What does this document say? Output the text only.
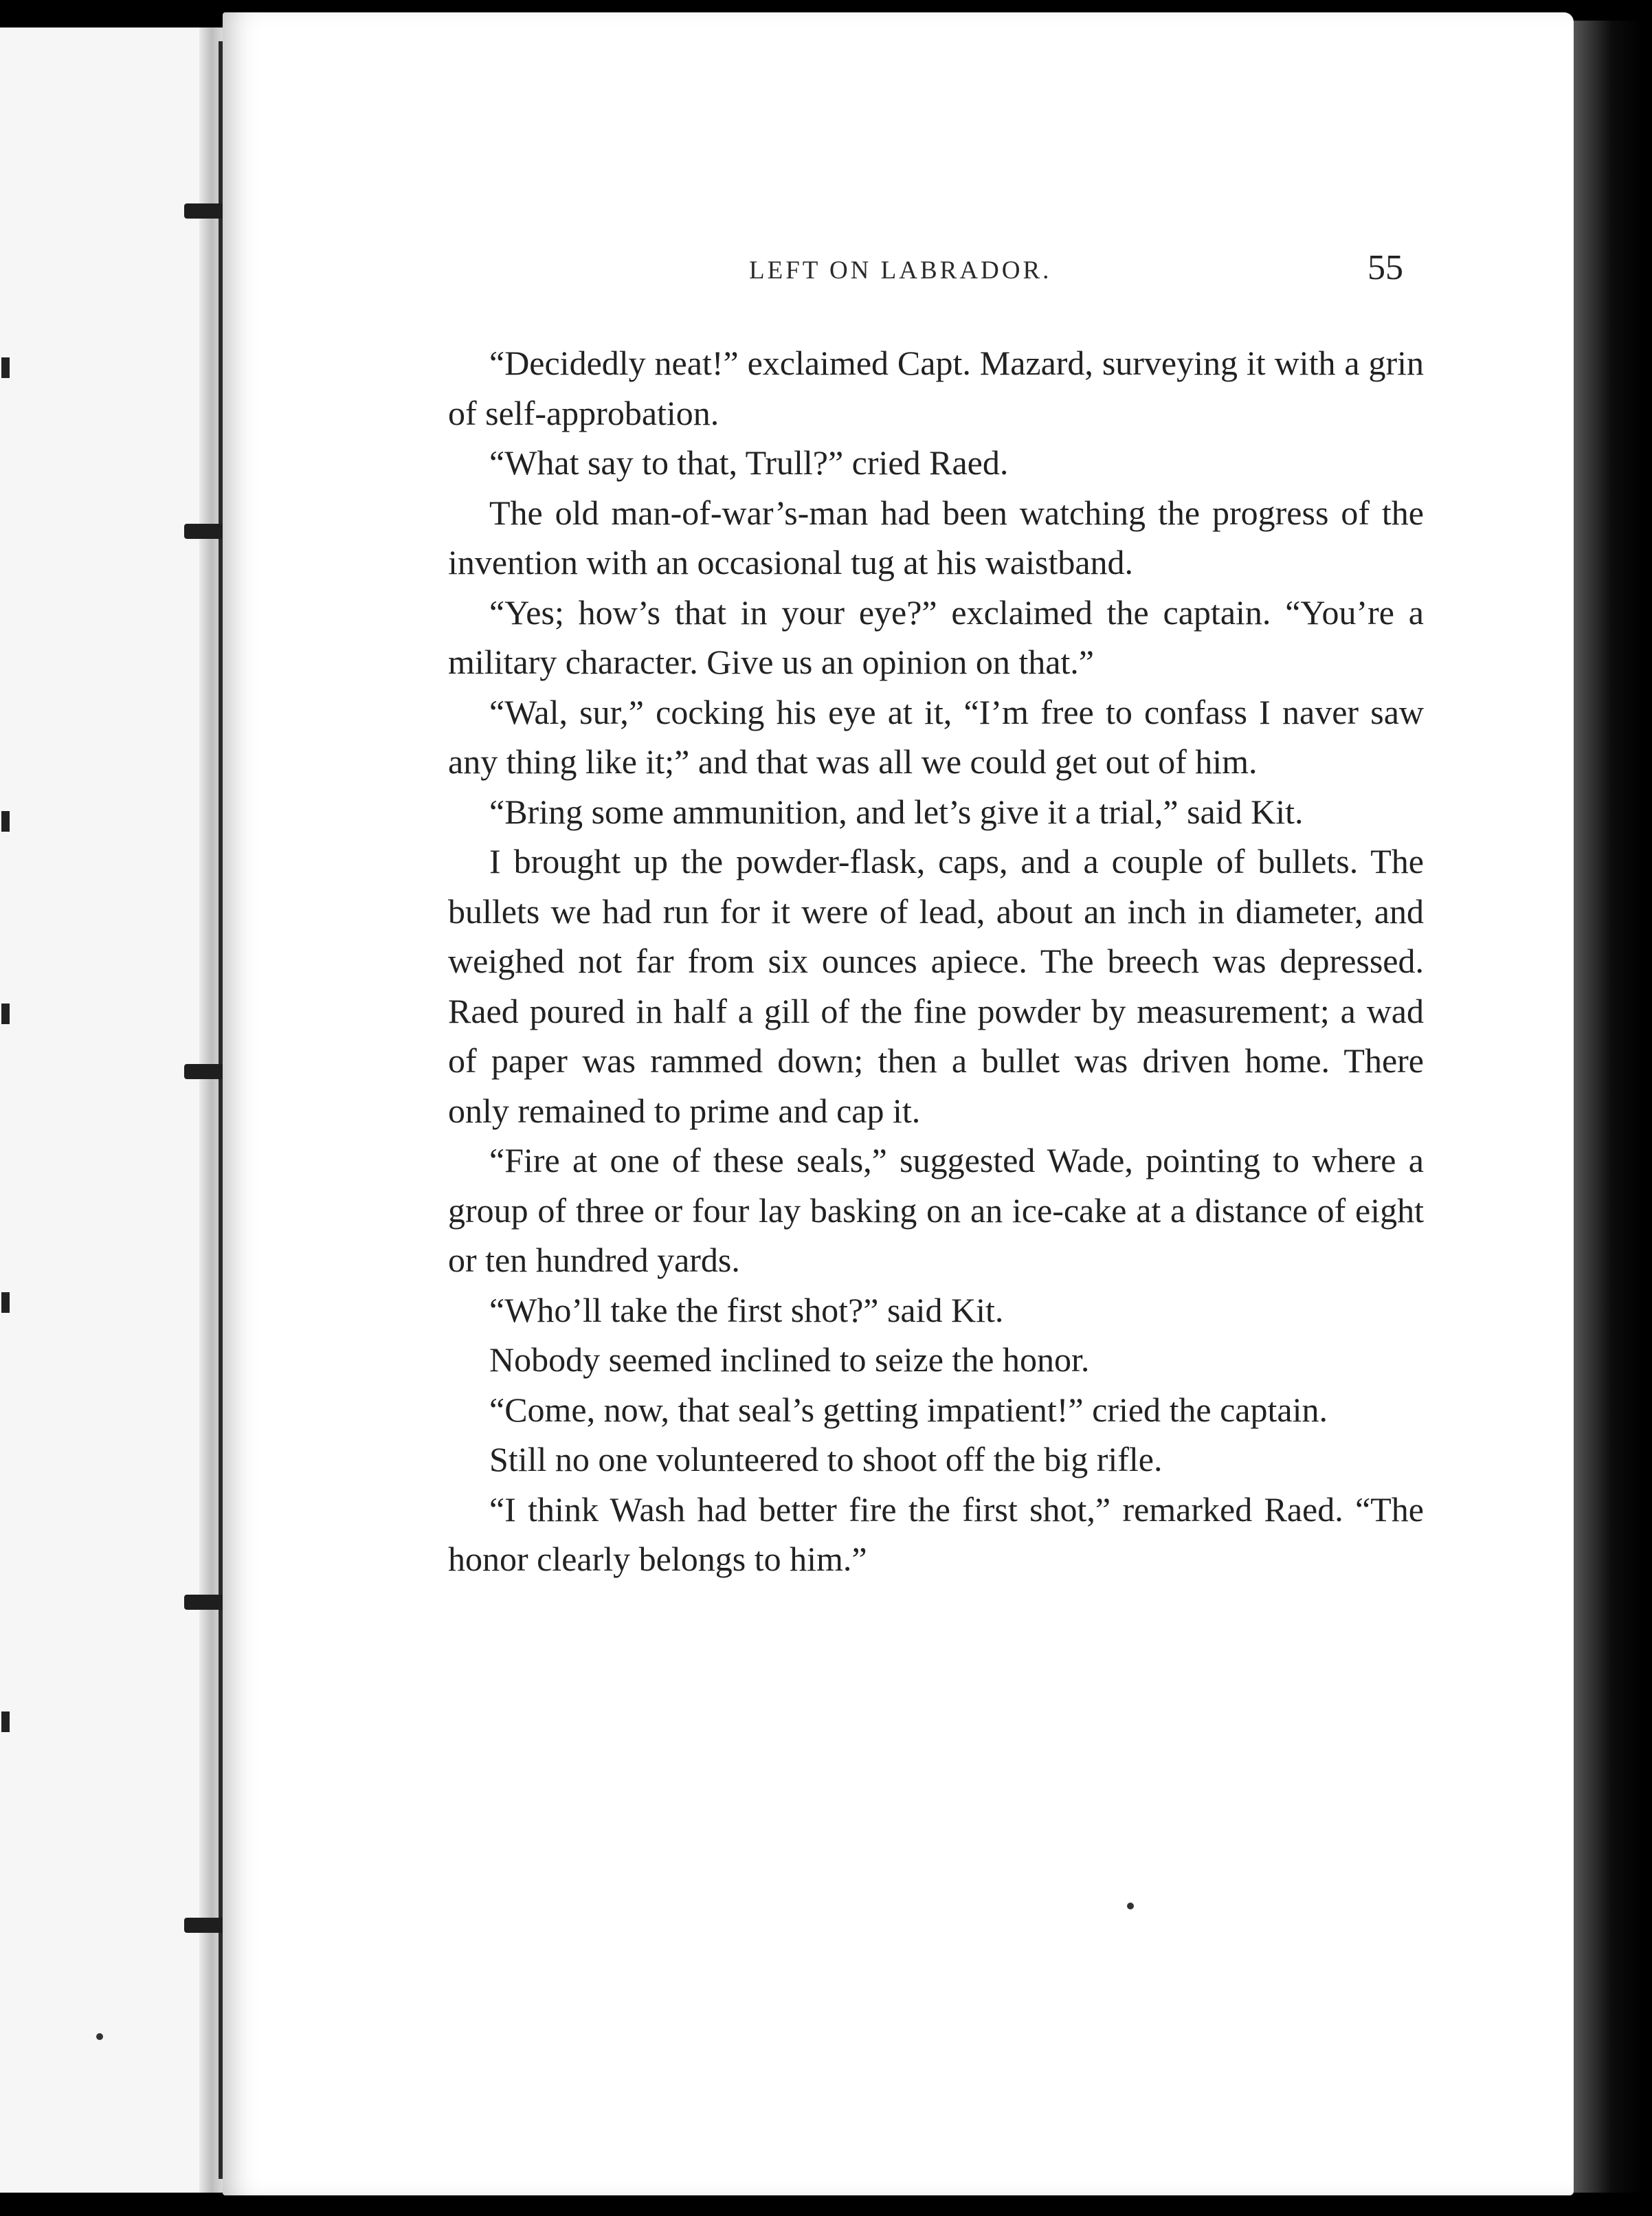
LEFT ON LABRADOR.	55

“Decidedly neat!” exclaimed Capt. Mazard, surveying it with a grin of self-approbation.

“What say to that, Trull?” cried Raed.

The old man-of-war’s-man had been watching the progress of the invention with an occasional tug at his waistband.

“Yes; how’s that in your eye?” exclaimed the captain. “You’re a military character. Give us an opinion on that.”

“Wal, sur,” cocking his eye at it, “I’m free to confass I naver saw any thing like it;” and that was all we could get out of him.

“Bring some ammunition, and let’s give it a trial,” said Kit.

I brought up the powder-flask, caps, and a couple of bullets. The bullets we had run for it were of lead, about an inch in diameter, and weighed not far from six ounces apiece. The breech was depressed. Raed poured in half a gill of the fine powder by measurement; a wad of paper was rammed down; then a bullet was driven home. There only remained to prime and cap it.

“Fire at one of these seals,” suggested Wade, pointing to where a group of three or four lay basking on an ice-cake at a distance of eight or ten hundred yards.

“Who’ll take the first shot?” said Kit.

Nobody seemed inclined to seize the honor.

“Come, now, that seal’s getting impatient!” cried the captain.

Still no one volunteered to shoot off the big rifle.

“I think Wash had better fire the first shot,” remarked Raed. “The honor clearly belongs to him.”
